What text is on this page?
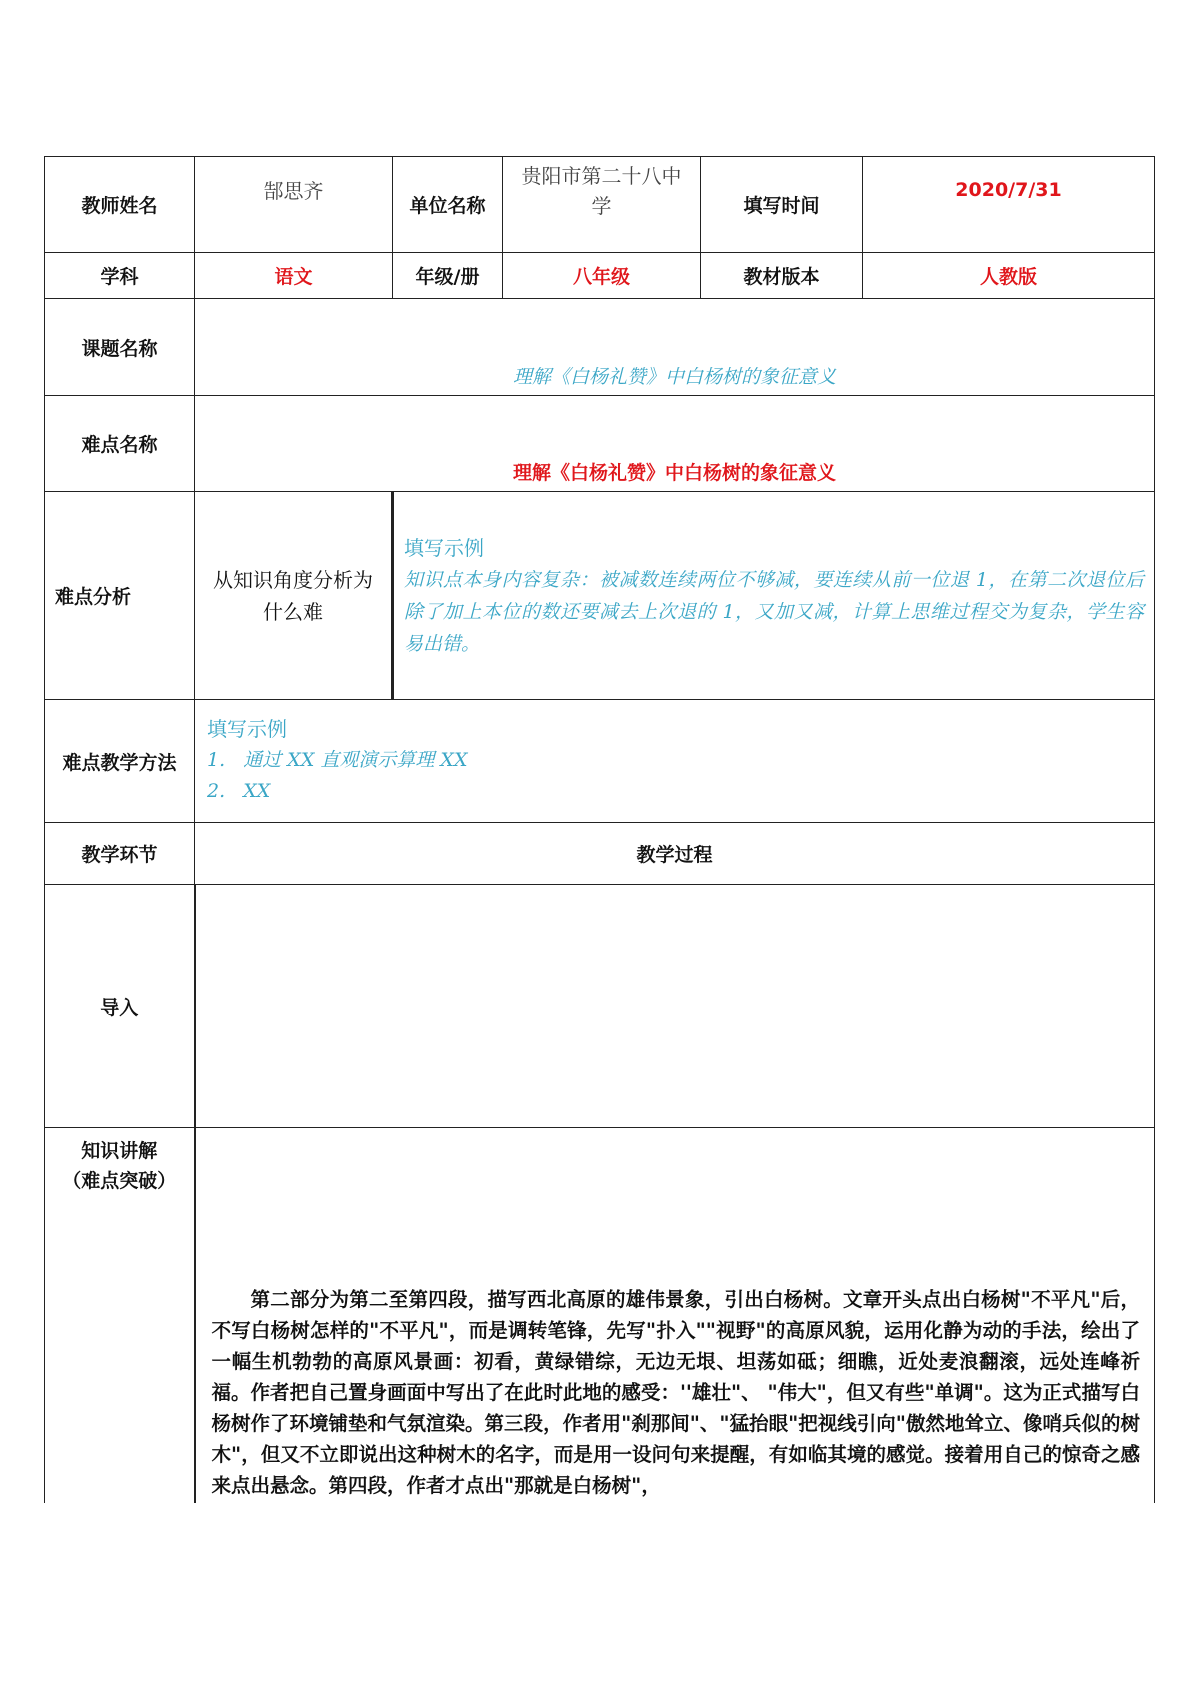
教师姓名	郜思齐	单位名称	贵阳市第二十八中学	填写时间	2020/7/31
学科	语文	年级/册	八年级	教材版本	人教版
课题名称	理解《白杨礼赞》中白杨树的象征意义				
难点名称	理解《白杨礼赞》中白杨树的象征意义				
难点分析	从知识角度分析为什么难	填写示例
知识点本身内容复杂：被减数连续两位不够减，要连续从前一位退 1，在第二次退位后除了加上本位的数还要减去上次退的 1，又加又减，计算上思维过程交为复杂，学生容易出错。			

难点教学方法	填写示例
1.   通过 XX 直观演示算理 XX
2.   XX				

教学环节	教学过程				
导入					

知识讲解
（难点突破）	第二部分为第二至第四段，描写西北高原的雄伟景象，引出白杨树。文章开头点出白杨树"不平凡"后，不写白杨树怎样的"不平凡"，而是调转笔锋，先写"扑入""视野"的高原风貌，运用化静为动的手法，绘出了一幅生机勃勃的高原风景画：初看，黄绿错综，无边无垠、坦荡如砥；细瞧，近处麦浪翻滚，远处连峰祈福。作者把自己置身画面中写出了在此时此地的感受：''雄壮"、 "伟大"，但又有些"单调"。这为正式描写白杨树作了环境铺垫和气氛渲染。第三段，作者用"刹那间"、"猛抬眼"把视线引向"傲然地耸立、像哨兵似的树木"，但又不立即说出这种树木的名字，而是用一设问句来提醒，有如临其境的感觉。接着用自己的惊奇之感来点出悬念。第四段，作者才点出"那就是白杨树"，				
